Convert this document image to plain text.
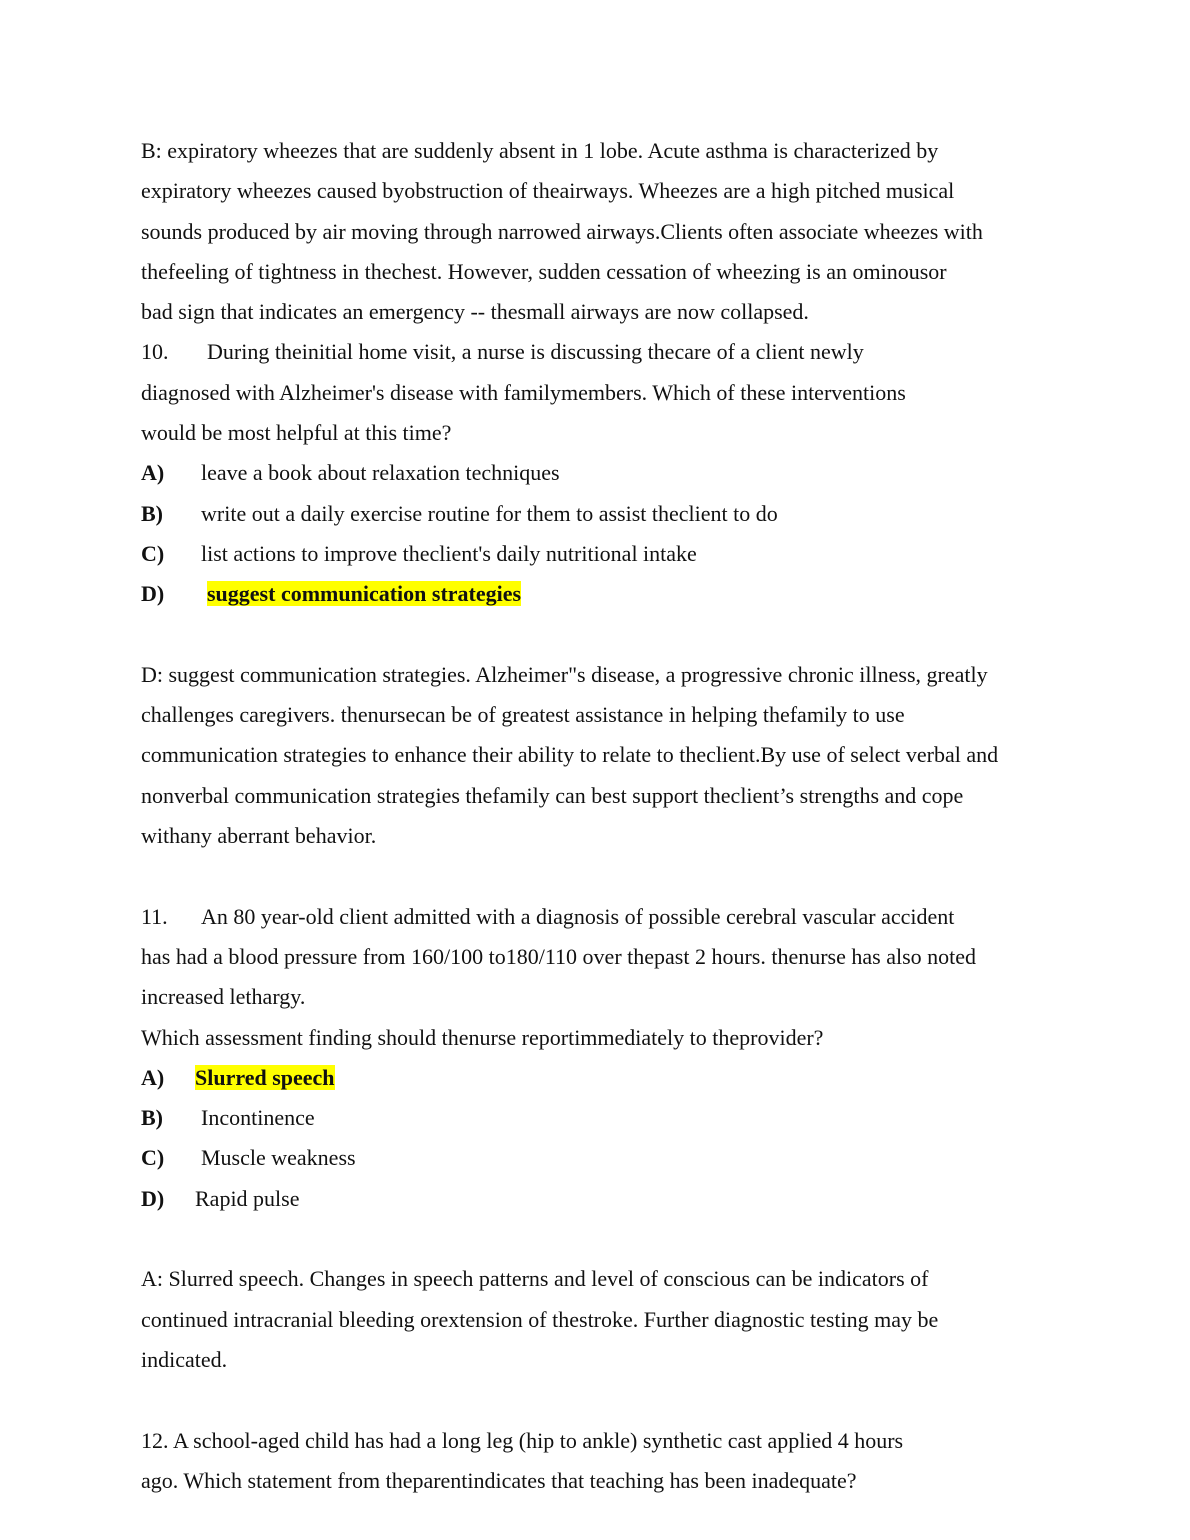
B: expiratory wheezes that are suddenly absent in 1 lobe. Acute asthma is characterized by
expiratory wheezes caused byobstruction of theairways. Wheezes are a high pitched musical
sounds produced by air moving through narrowed airways.Clients often associate wheezes with
thefeeling of tightness in thechest. However, sudden cessation of wheezing is an ominousor
bad sign that indicates an emergency -- thesmall airways are now collapsed.
10. During theinitial home visit, a nurse is discussing thecare of a client newly
diagnosed with Alzheimer's disease with familymembers. Which of these interventions
would be most helpful at this time?
A) leave a book about relaxation techniques
B) write out a daily exercise routine for them to assist theclient to do
C) list actions to improve theclient's daily nutritional intake
D) suggest communication strategies
D: suggest communication strategies. Alzheimer"s disease, a progressive chronic illness, greatly
challenges caregivers. thenursecan be of greatest assistance in helping thefamily to use
communication strategies to enhance their ability to relate to theclient.By use of select verbal and
nonverbal communication strategies thefamily can best support theclient’s strengths and cope
withany aberrant behavior.
11. An 80 year-old client admitted with a diagnosis of possible cerebral vascular accident
has had a blood pressure from 160/100 to180/110 over thepast 2 hours. thenurse has also noted
increased lethargy.
Which assessment finding should thenurse reportimmediately to theprovider?
A) Slurred speech
B) Incontinence
C) Muscle weakness
D) Rapid pulse
A: Slurred speech. Changes in speech patterns and level of conscious can be indicators of
continued intracranial bleeding orextension of thestroke. Further diagnostic testing may be
indicated.
12. A school-aged child has had a long leg (hip to ankle) synthetic cast applied 4 hours
ago. Which statement from theparentindicates that teaching has been inadequate?
